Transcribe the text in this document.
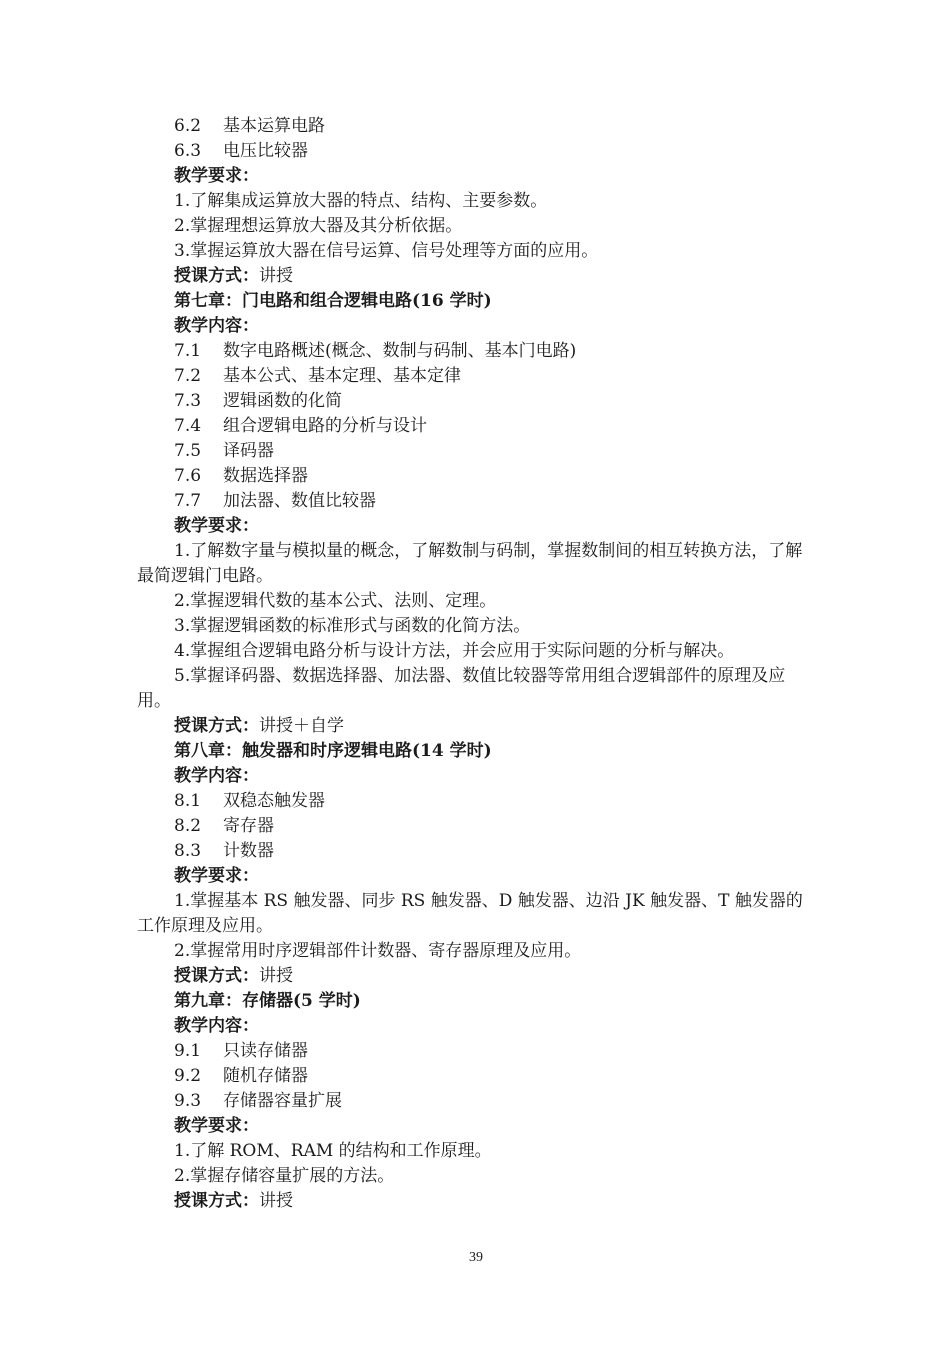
6.2 基本运算电路
6.3 电压比较器
教学要求：
1.了解集成运算放大器的特点、结构、主要参数。
2.掌握理想运算放大器及其分析依据。
3.掌握运算放大器在信号运算、信号处理等方面的应用。
授课方式：讲授
第七章：门电路和组合逻辑电路(16 学时)
教学内容：
7.1 数字电路概述(概念、数制与码制、基本门电路)
7.2 基本公式、基本定理、基本定律
7.3 逻辑函数的化简
7.4 组合逻辑电路的分析与设计
7.5 译码器
7.6 数据选择器
7.7 加法器、数值比较器
教学要求：
1.了解数字量与模拟量的概念，了解数制与码制，掌握数制间的相互转换方法，了解最简逻辑门电路。
2.掌握逻辑代数的基本公式、法则、定理。
3.掌握逻辑函数的标准形式与函数的化简方法。
4.掌握组合逻辑电路分析与设计方法，并会应用于实际问题的分析与解决。
5.掌握译码器、数据选择器、加法器、数值比较器等常用组合逻辑部件的原理及应用。
授课方式：讲授＋自学
第八章：触发器和时序逻辑电路(14 学时)
教学内容：
8.1 双稳态触发器
8.2 寄存器
8.3 计数器
教学要求：
1.掌握基本 RS 触发器、同步 RS 触发器、D 触发器、边沿 JK 触发器、T 触发器的工作原理及应用。
2.掌握常用时序逻辑部件计数器、寄存器原理及应用。
授课方式：讲授
第九章：存储器(5 学时)
教学内容：
9.1 只读存储器
9.2 随机存储器
9.3 存储器容量扩展
教学要求：
1.了解 ROM、RAM 的结构和工作原理。
2.掌握存储容量扩展的方法。
授课方式：讲授
39
